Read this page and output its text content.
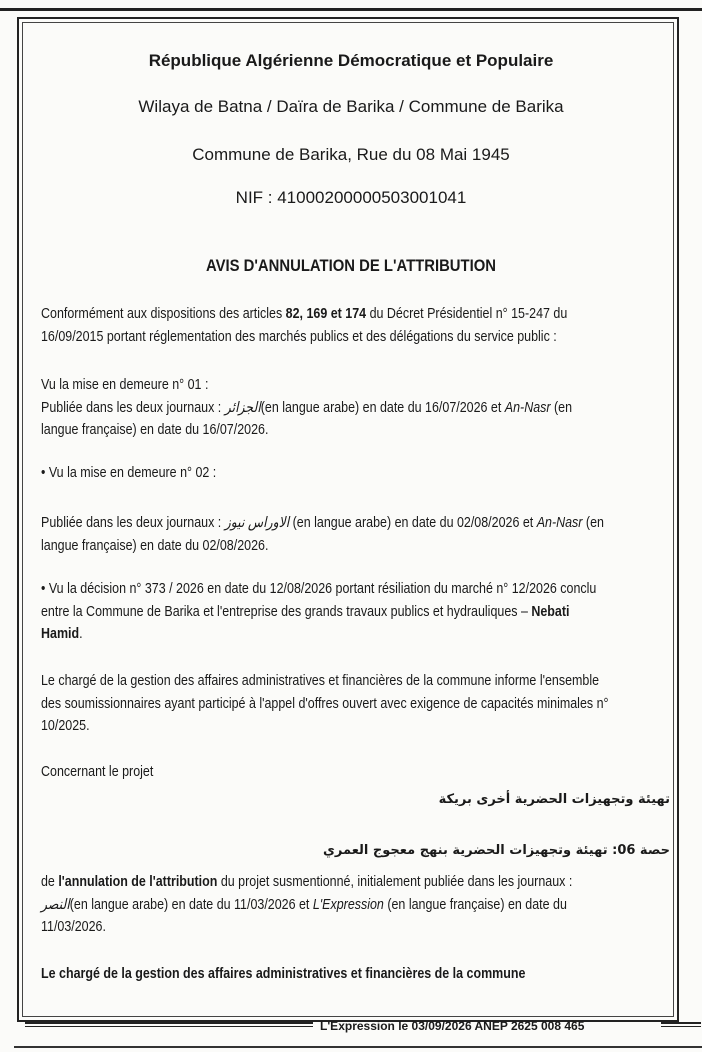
République Algérienne Démocratique et Populaire
Wilaya de Batna / Daïra de Barika / Commune de Barika
Commune de Barika, Rue du 08 Mai 1945
NIF : 41000200000503001041
AVIS D'ANNULATION DE L'ATTRIBUTION
Conformément aux dispositions des articles 82, 169 et 174 du Décret Présidentiel n° 15-247 du 16/09/2015 portant réglementation des marchés publics et des délégations du service public :
Vu la mise en demeure n° 01 :
Publiée dans les deux journaux : الجزائر(en langue arabe) en date du 16/07/2026 et An-Nasr (en langue française) en date du 16/07/2026.
• Vu la mise en demeure n° 02 :
Publiée dans les deux journaux : الاوراس نيوز (en langue arabe) en date du 02/08/2026 et An-Nasr (en langue française) en date du 02/08/2026.
• Vu la décision n° 373 / 2026 en date du 12/08/2026 portant résiliation du marché n° 12/2026 conclu entre la Commune de Barika et l'entreprise des grands travaux publics et hydrauliques – Nebati Hamid.
Le chargé de la gestion des affaires administratives et financières de la commune informe l'ensemble des soumissionnaires ayant participé à l'appel d'offres ouvert avec exigence de capacités minimales n° 10/2025.
Concernant le projet
تهيئة وتجهيزات الحضرية أخرى بريكة
حصة 06: تهيئة وتجهيزات الحضرية بنهج معجوج العمري
de l'annulation de l'attribution du projet susmentionné, initialement publiée dans les journaux : النصر(en langue arabe) en date du 11/03/2026 et L'Expression (en langue française) en date du 11/03/2026.
Le chargé de la gestion des affaires administratives et financières de la commune
L'Expression le 03/09/2026 ANEP 2625 008 465
